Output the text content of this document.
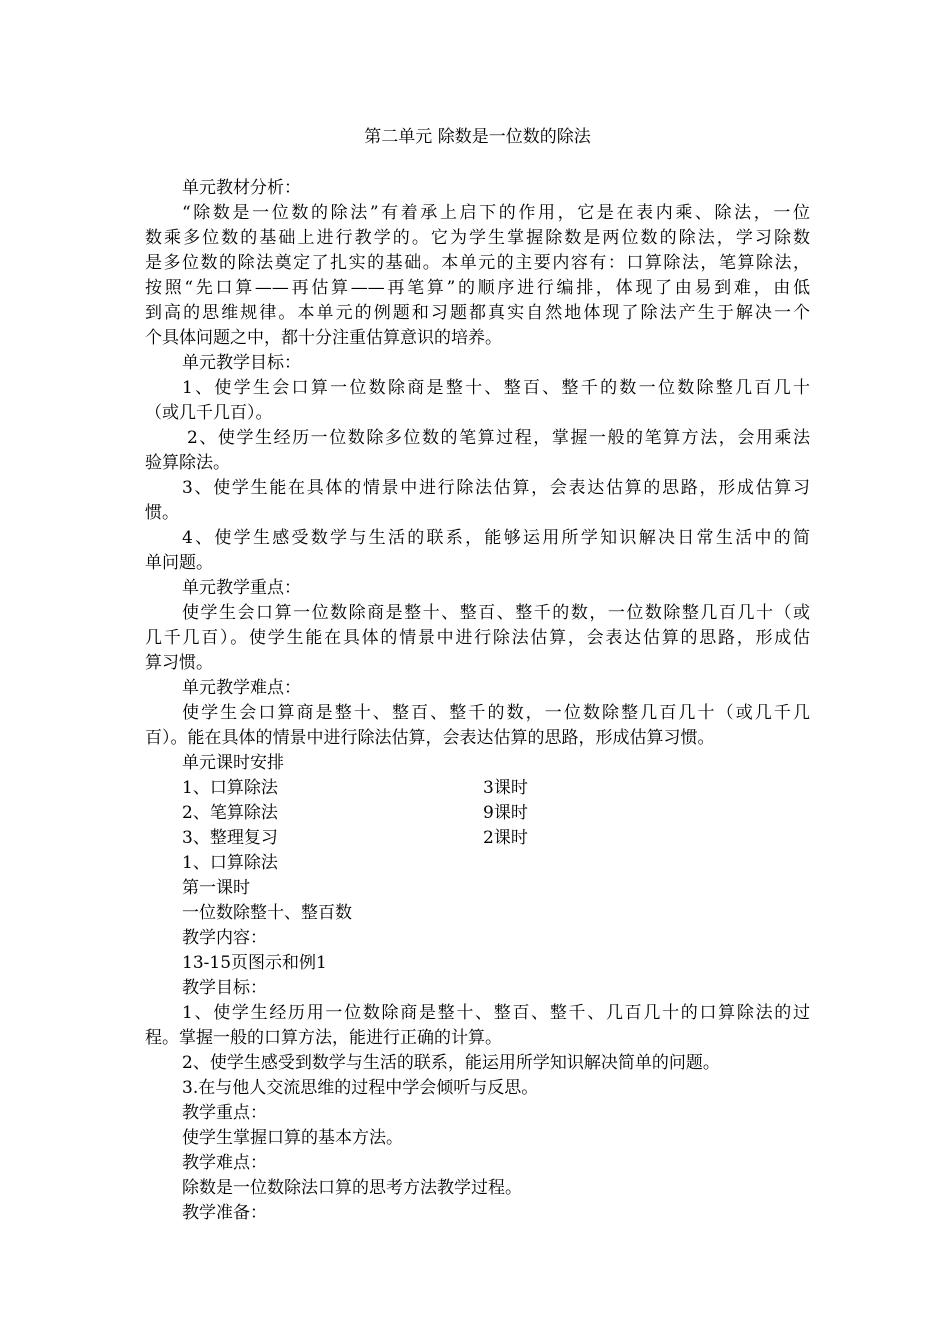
第二单元 除数是一位数的除法
单元教材分析：
“除数是一位数的除法”有着承上启下的作用，它是在表内乘、除法，一位
数乘多位数的基础上进行教学的。它为学生掌握除数是两位数的除法，学习除数
是多位数的除法奠定了扎实的基础。本单元的主要内容有：口算除法，笔算除法，
按照“先口算——再估算——再笔算”的顺序进行编排，体现了由易到难，由低
到高的思维规律。本单元的例题和习题都真实自然地体现了除法产生于解决一个
个具体问题之中，都十分注重估算意识的培养。
单元教学目标：
1、使学生会口算一位数除商是整十、整百、整千的数一位数除整几百几十
（或几千几百）。
2、使学生经历一位数除多位数的笔算过程，掌握一般的笔算方法，会用乘法
验算除法。
3、使学生能在具体的情景中进行除法估算，会表达估算的思路，形成估算习
惯。
4、使学生感受数学与生活的联系，能够运用所学知识解决日常生活中的简
单问题。
单元教学重点：
使学生会口算一位数除商是整十、整百、整千的数，一位数除整几百几十（或
几千几百）。使学生能在具体的情景中进行除法估算，会表达估算的思路，形成估
算习惯。
单元教学难点：
使学生会口算商是整十、整百、整千的数，一位数除整几百几十（或几千几
百）。能在具体的情景中进行除法估算，会表达估算的思路，形成估算习惯。
单元课时安排
1、口算除法	3课时
2、笔算除法	9课时
3、整理复习	2课时
1、口算除法
第一课时
一位数除整十、整百数
教学内容：
13-15页图示和例1
教学目标：
1、使学生经历用一位数除商是整十、整百、整千、几百几十的口算除法的过
程。掌握一般的口算方法，能进行正确的计算。
2、使学生感受到数学与生活的联系，能运用所学知识解决简单的问题。
3.在与他人交流思维的过程中学会倾听与反思。
教学重点：
使学生掌握口算的基本方法。
教学难点：
除数是一位数除法口算的思考方法教学过程。
教学准备：
